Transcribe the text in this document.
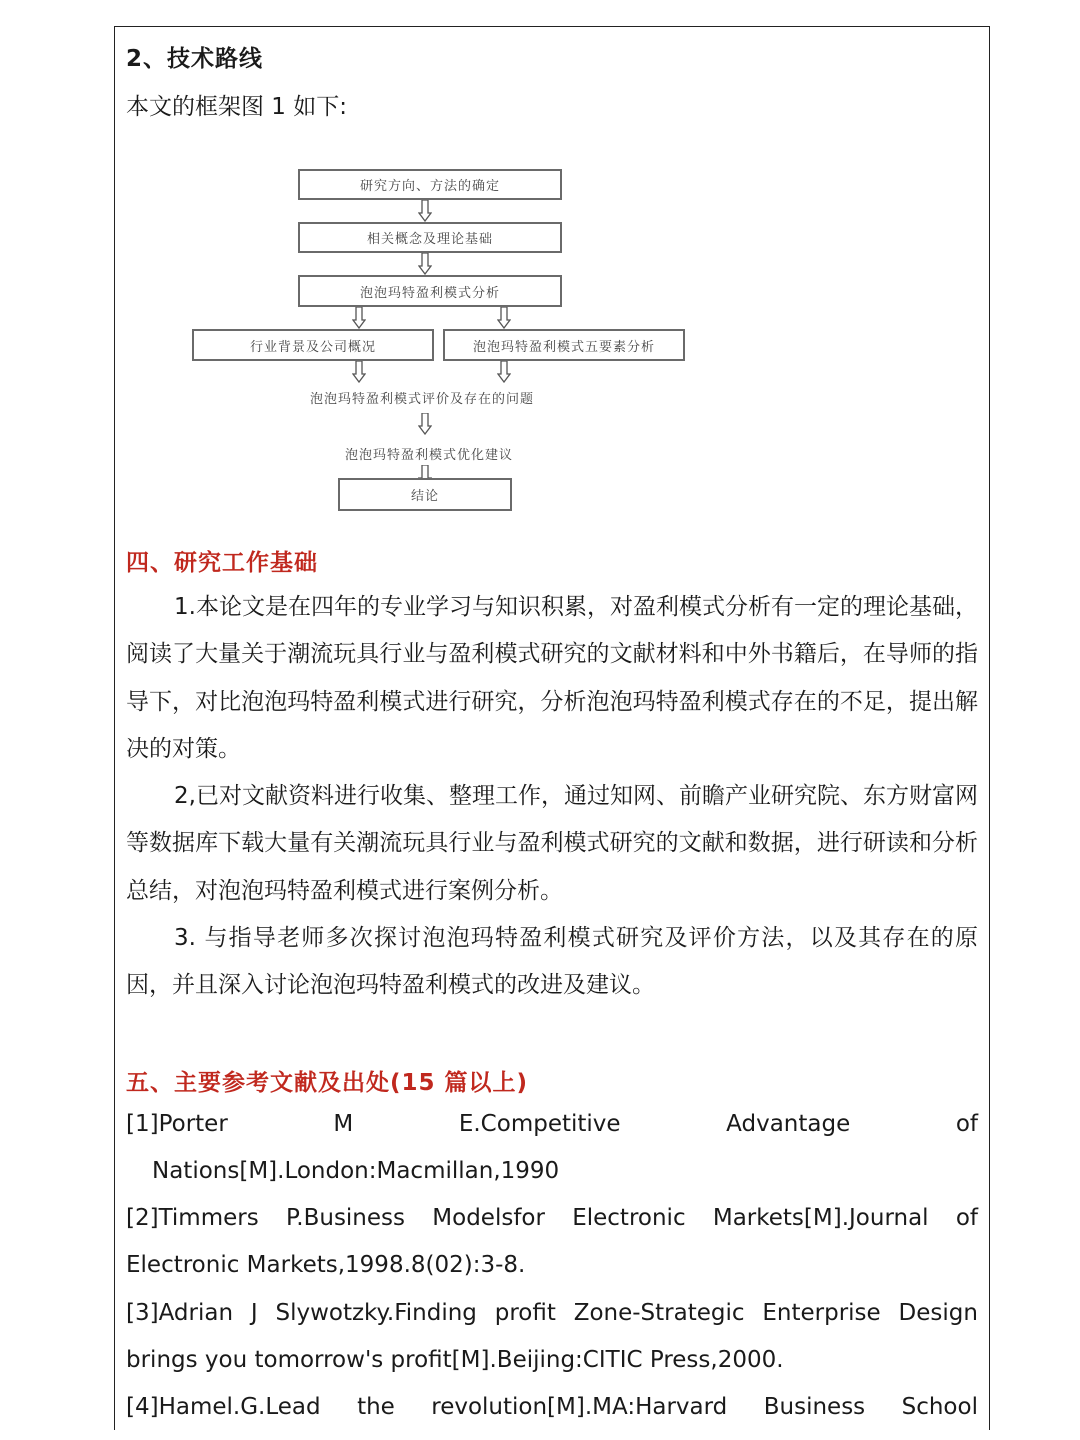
2、技术路线
本文的框架图 1 如下:
研究方向、方法的确定
相关概念及理论基础
泡泡玛特盈利模式分析
行业背景及公司概况	泡泡玛特盈利模式五要素分析
泡泡玛特盈利模式评价及存在的问题
泡泡玛特盈利模式优化建议
结论
四、研究工作基础
1.本论文是在四年的专业学习与知识积累，对盈利模式分析有一定的理论基础，阅读了大量关于潮流玩具行业与盈利模式研究的文献材料和中外书籍后，在导师的指导下，对比泡泡玛特盈利模式进行研究，分析泡泡玛特盈利模式存在的不足，提出解决的对策。
2,已对文献资料进行收集、整理工作，通过知网、前瞻产业研究院、东方财富网等数据库下载大量有关潮流玩具行业与盈利模式研究的文献和数据，进行研读和分析总结，对泡泡玛特盈利模式进行案例分析。
3. 与指导老师多次探讨泡泡玛特盈利模式研究及评价方法，以及其存在的原因，并且深入讨论泡泡玛特盈利模式的改进及建议。
五、主要参考文献及出处(15 篇以上)
[1]Porter	M	E.Competitive	Advantage	of
Nations[M].London:Macmillan,1990
[2]Timmers P.Business Modelsfor Electronic Markets[M].Journal of
Electronic Markets,1998.8(02):3-8.
[3]Adrian J Slywotzky.Finding profit Zone-Strategic Enterprise Design
brings you tomorrow's profit[M].Beijing:CITIC Press,2000.
[4]Hamel.G.Lead the revolution[M].MA:Harvard Business School
